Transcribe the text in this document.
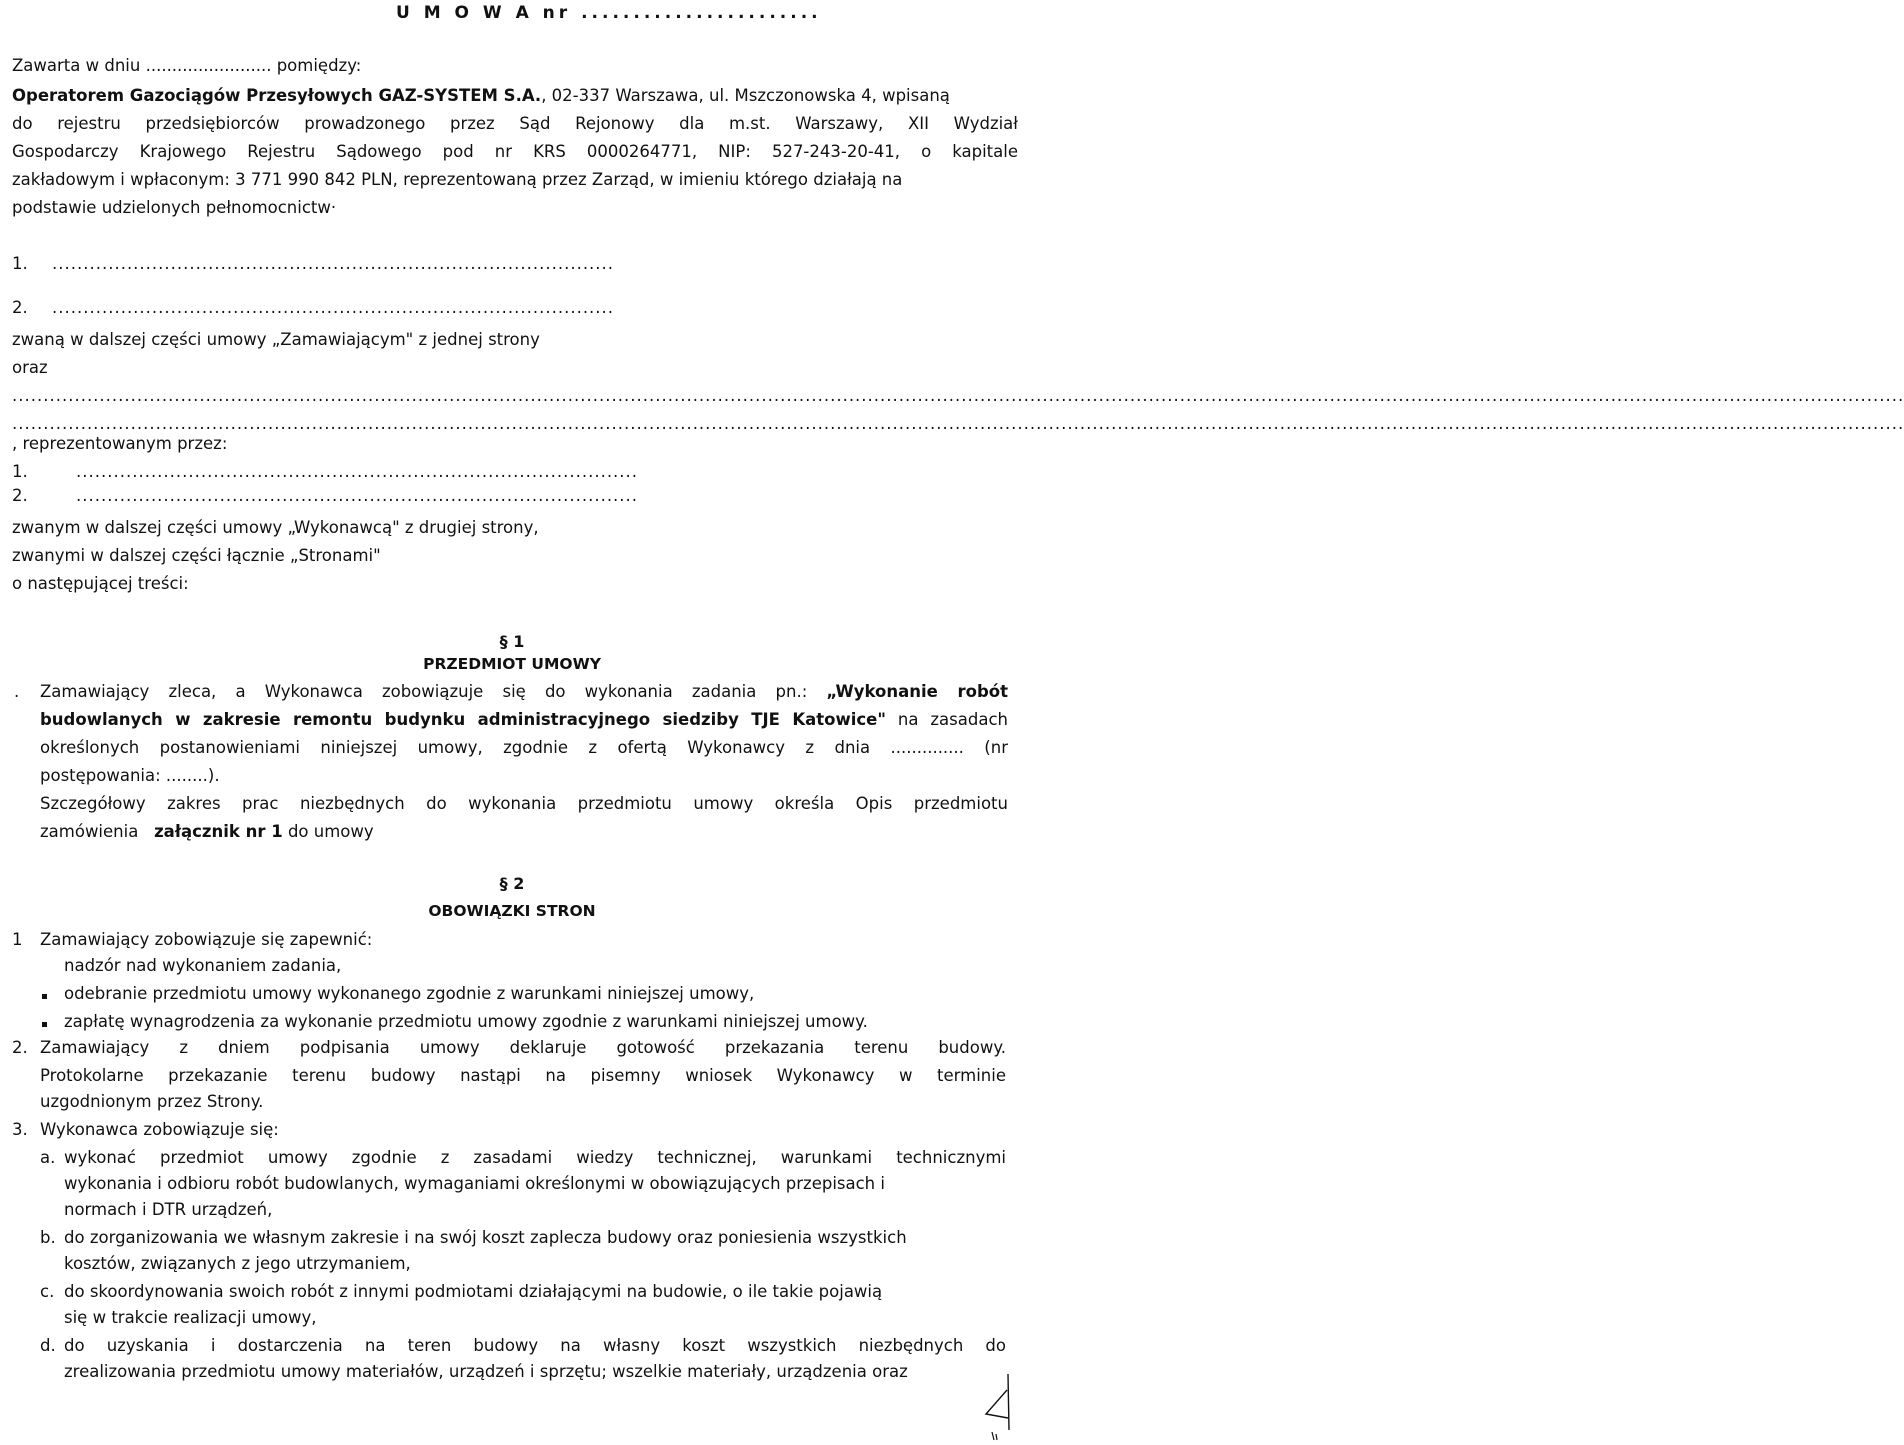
U M O W A nr .......................
Zawarta w dniu ........................ pomiędzy:
Operatorem Gazociągów Przesyłowych GAZ-SYSTEM S.A., 02-337 Warszawa, ul. Mszczonowska 4, wpisaną
do rejestru przedsiębiorców prowadzonego przez Sąd Rejonowy dla m.st. Warszawy, XII Wydział
Gospodarczy Krajowego Rejestru Sądowego pod nr KRS 0000264771, NIP: 527-243-20-41, o kapitale
zakładowym i wpłaconym: 3 771 990 842 PLN, reprezentowaną przez Zarząd, w imieniu którego działają na
podstawie udzielonych pełnomocnictw·
1. ..........................................................................................
2. ..........................................................................................
zwaną w dalszej części umowy „Zamawiającym" z jednej strony
oraz
...............................................................................................................................................................................................................................................................................................................
...............................................................................................................................................................................................................................................................................................................
, reprezentowanym przez:
1.	..........................................................................................
2.	..........................................................................................
zwanym w dalszej części umowy „Wykonawcą" z drugiej strony,
zwanymi w dalszej części łącznie „Stronami"
o następującej treści:
§ 1
PRZEDMIOT UMOWY
. Zamawiający zleca, a Wykonawca zobowiązuje się do wykonania zadania pn.: „Wykonanie robót
budowlanych w zakresie remontu budynku administracyjnego siedziby TJE Katowice" na zasadach
określonych postanowieniami niniejszej umowy, zgodnie z ofertą Wykonawcy z dnia .............. (nr
postępowania: ........).
Szczegółowy zakres prac niezbędnych do wykonania przedmiotu umowy określa Opis przedmiotu
zamówienia załącznik nr 1 do umowy
§ 2
OBOWIĄZKI STRON
1 Zamawiający zobowiązuje się zapewnić:
nadzór nad wykonaniem zadania,
odebranie przedmiotu umowy wykonanego zgodnie z warunkami niniejszej umowy,
zapłatę wynagrodzenia za wykonanie przedmiotu umowy zgodnie z warunkami niniejszej umowy.
2. Zamawiający z dniem podpisania umowy deklaruje gotowość przekazania terenu budowy.
Protokolarne przekazanie terenu budowy nastąpi na pisemny wniosek Wykonawcy w terminie
uzgodnionym przez Strony.
3. Wykonawca zobowiązuje się:
a. wykonać przedmiot umowy zgodnie z zasadami wiedzy technicznej, warunkami technicznymi
wykonania i odbioru robót budowlanych, wymaganiami określonymi w obowiązujących przepisach i
normach i DTR urządzeń,
b. do zorganizowania we własnym zakresie i na swój koszt zaplecza budowy oraz poniesienia wszystkich
kosztów, związanych z jego utrzymaniem,
c. do skoordynowania swoich robót z innymi podmiotami działającymi na budowie, o ile takie pojawią
się w trakcie realizacji umowy,
d. do uzyskania i dostarczenia na teren budowy na własny koszt wszystkich niezbędnych do
zrealizowania przedmiotu umowy materiałów, urządzeń i sprzętu; wszelkie materiały, urządzenia oraz
